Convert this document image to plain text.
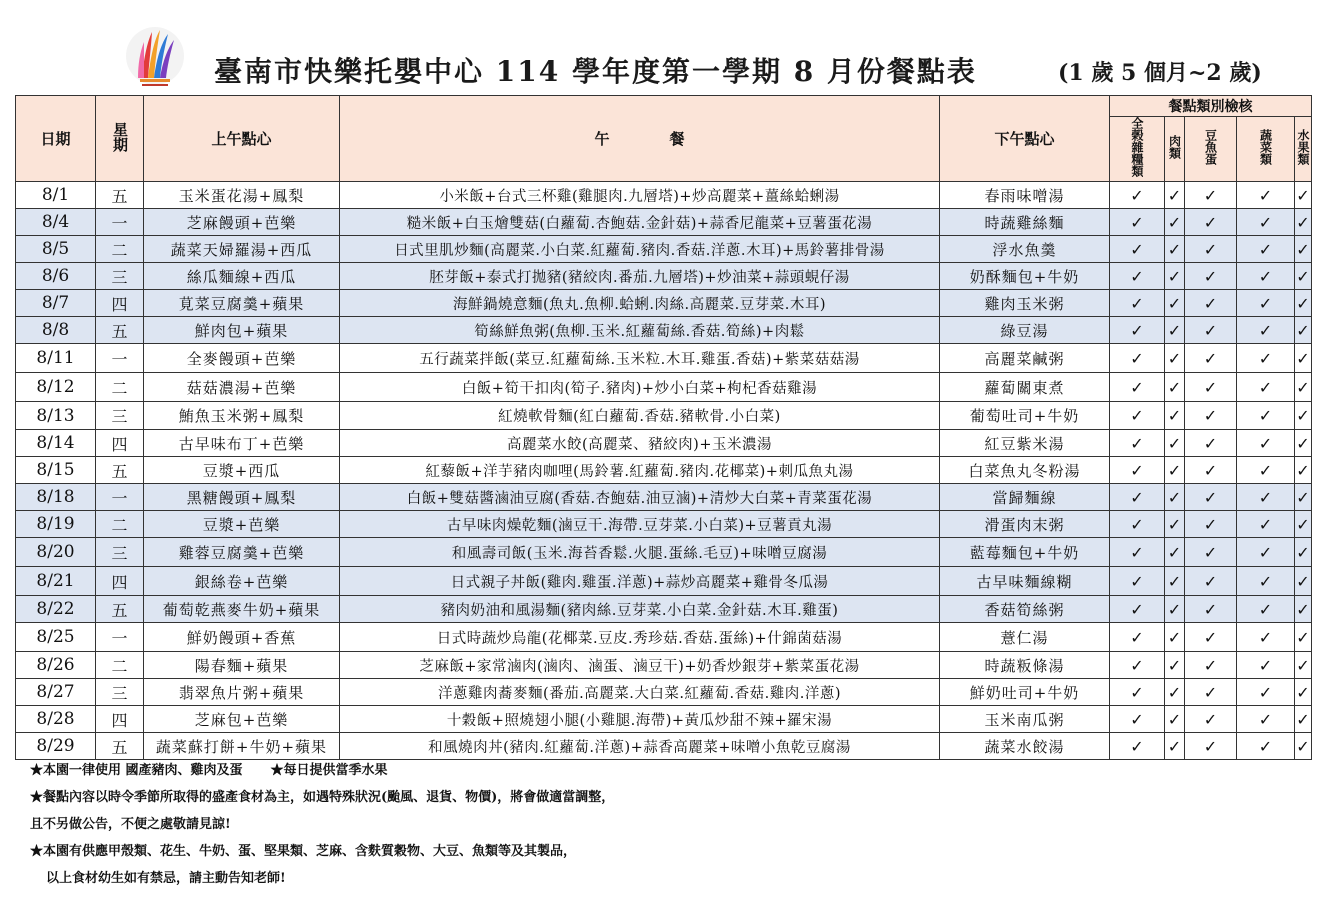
臺南市快樂托嬰中心 114 學年度第一學期 8 月份餐點表	(1 歲 5 個月~2 歲)
日期	星期	上午點心	午　　　　餐	下午點心	餐點類別檢核				
					全榖雜糧類	肉類	豆魚蛋	蔬菜類	水果類
8/1	五	玉米蛋花湯+鳳梨	小米飯+台式三杯雞(雞腿肉.九層塔)+炒高麗菜+薑絲蛤蜊湯	春雨味噌湯	✓	✓	✓	✓	✓
8/4	一	芝麻饅頭+芭樂	糙米飯+白玉燴雙菇(白蘿蔔.杏鮑菇.金針菇)+蒜香尼龍菜+豆薯蛋花湯	時蔬雞絲麵	✓	✓	✓	✓	✓
8/5	二	蔬菜天婦羅湯+西瓜	日式里肌炒麵(高麗菜.小白菜.紅蘿蔔.豬肉.香菇.洋蔥.木耳)+馬鈴薯排骨湯	浮水魚羹	✓	✓	✓	✓	✓
8/6	三	絲瓜麵線+西瓜	胚芽飯+泰式打拋豬(豬絞肉.番茄.九層塔)+炒油菜+蒜頭蜆仔湯	奶酥麵包+牛奶	✓	✓	✓	✓	✓
8/7	四	莧菜豆腐羹+蘋果	海鮮鍋燒意麵(魚丸.魚柳.蛤蜊.肉絲.高麗菜.豆芽菜.木耳)	雞肉玉米粥	✓	✓	✓	✓	✓
8/8	五	鮮肉包+蘋果	筍絲鮮魚粥(魚柳.玉米.紅蘿蔔絲.香菇.筍絲)+肉鬆	綠豆湯	✓	✓	✓	✓	✓
8/11	一	全麥饅頭+芭樂	五行蔬菜拌飯(菜豆.紅蘿蔔絲.玉米粒.木耳.雞蛋.香菇)+紫菜菇菇湯	高麗菜鹹粥	✓	✓	✓	✓	✓
8/12	二	菇菇濃湯+芭樂	白飯+筍干扣肉(筍子.豬肉)+炒小白菜+枸杞香菇雞湯	蘿蔔關東煮	✓	✓	✓	✓	✓
8/13	三	鮪魚玉米粥+鳳梨	紅燒軟骨麵(紅白蘿蔔.香菇.豬軟骨.小白菜)	葡萄吐司+牛奶	✓	✓	✓	✓	✓
8/14	四	古早味布丁+芭樂	高麗菜水餃(高麗菜、豬絞肉)+玉米濃湯	紅豆紫米湯	✓	✓	✓	✓	✓
8/15	五	豆漿+西瓜	紅藜飯+洋芋豬肉咖哩(馬鈴薯.紅蘿蔔.豬肉.花椰菜)+刺瓜魚丸湯	白菜魚丸冬粉湯	✓	✓	✓	✓	✓
8/18	一	黑糖饅頭+鳳梨	白飯+雙菇醬滷油豆腐(香菇.杏鮑菇.油豆滷)+清炒大白菜+青菜蛋花湯	當歸麵線	✓	✓	✓	✓	✓
8/19	二	豆漿+芭樂	古早味肉燥乾麵(滷豆干.海帶.豆芽菜.小白菜)+豆薯貢丸湯	滑蛋肉末粥	✓	✓	✓	✓	✓
8/20	三	雞蓉豆腐羹+芭樂	和風壽司飯(玉米.海苔香鬆.火腿.蛋絲.毛豆)+味噌豆腐湯	藍莓麵包+牛奶	✓	✓	✓	✓	✓
8/21	四	銀絲卷+芭樂	日式親子丼飯(雞肉.雞蛋.洋蔥)+蒜炒高麗菜+雞骨冬瓜湯	古早味麵線糊	✓	✓	✓	✓	✓
8/22	五	葡萄乾燕麥牛奶+蘋果	豬肉奶油和風湯麵(豬肉絲.豆芽菜.小白菜.金針菇.木耳.雞蛋)	香菇筍絲粥	✓	✓	✓	✓	✓
8/25	一	鮮奶饅頭+香蕉	日式時蔬炒烏龍(花椰菜.豆皮.秀珍菇.香菇.蛋絲)+什錦菌菇湯	薏仁湯	✓	✓	✓	✓	✓
8/26	二	陽春麵+蘋果	芝麻飯+家常滷肉(滷肉、滷蛋、滷豆干)+奶香炒銀芽+紫菜蛋花湯	時蔬粄條湯	✓	✓	✓	✓	✓
8/27	三	翡翠魚片粥+蘋果	洋蔥雞肉蕎麥麵(番茄.高麗菜.大白菜.紅蘿蔔.香菇.雞肉.洋蔥)	鮮奶吐司+牛奶	✓	✓	✓	✓	✓
8/28	四	芝麻包+芭樂	十穀飯+照燒翅小腿(小雞腿.海帶)+黃瓜炒甜不辣+羅宋湯	玉米南瓜粥	✓	✓	✓	✓	✓
8/29	五	蔬菜蘇打餅+牛奶+蘋果	和風燒肉丼(豬肉.紅蘿蔔.洋蔥)+蒜香高麗菜+味噌小魚乾豆腐湯	蔬菜水餃湯	✓	✓	✓	✓	✓
★本園一律使用 國產豬肉、雞肉及蛋 ★每日提供當季水果
★餐點內容以時令季節所取得的盛產食材為主，如遇特殊狀況(颱風、退貨、物價)，將會做適當調整，
且不另做公告，不便之處敬請見諒!
★本園有供應甲殼類、花生、牛奶、蛋、堅果類、芝麻、含麩質穀物、大豆、魚類等及其製品，
以上食材幼生如有禁忌，請主動告知老師!
